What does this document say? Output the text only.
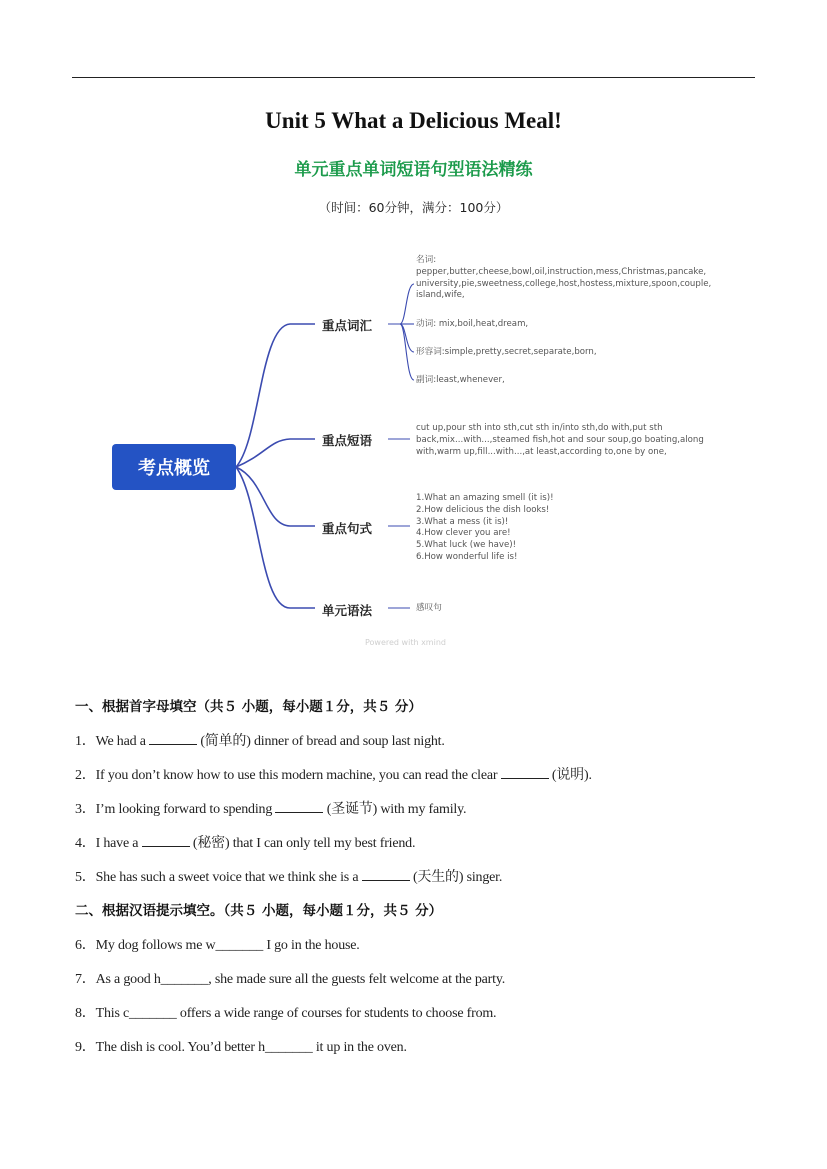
Unit 5 What a Delicious Meal!
单元重点单词短语句型语法精练
（时间：60分钟，满分：100分）
考点概览
重点词汇
重点短语
重点句式
单元语法
名词:
pepper,butter,cheese,bowl,oil,instruction,mess,Christmas,pancake,
university,pie,sweetness,college,host,hostess,mixture,spoon,couple,
island,wife,
动词: mix,boil,heat,dream,
形容词:simple,pretty,secret,separate,born,
副词:least,whenever,
cut up,pour sth into sth,cut sth in/into sth,do with,put sth
back,mix...with...,steamed fish,hot and sour soup,go boating,along
with,warm up,fill...with...,at least,according to,one by one,
1.What an amazing smell (it is)!
2.How delicious the dish looks!
3.What a mess (it is)!
4.How clever you are!
5.What luck (we have)!
6.How wonderful life is!
感叹句
Powered with xmind
一、根据首字母填空（共５ 小题，每小题１分，共５ 分）
1．We had a	(简单的) dinner of bread and soup last night.
2．If you don’t know how to use this modern machine, you can read the clear	(说明).
3．I’m looking forward to spending	(圣诞节) with my family.
4．I have a	(秘密) that I can only tell my best friend.
5．She has such a sweet voice that we think she is a	(天生的) singer.
二、根据汉语提示填空。（共５ 小题，每小题１分，共５ 分）
6．My dog follows me w_______ I go in the house.
7．As a good h_______, she made sure all the guests felt welcome at the party.
8．This c_______ offers a wide range of courses for students to choose from.
9．The dish is cool. You’d better h_______ it up in the oven.
